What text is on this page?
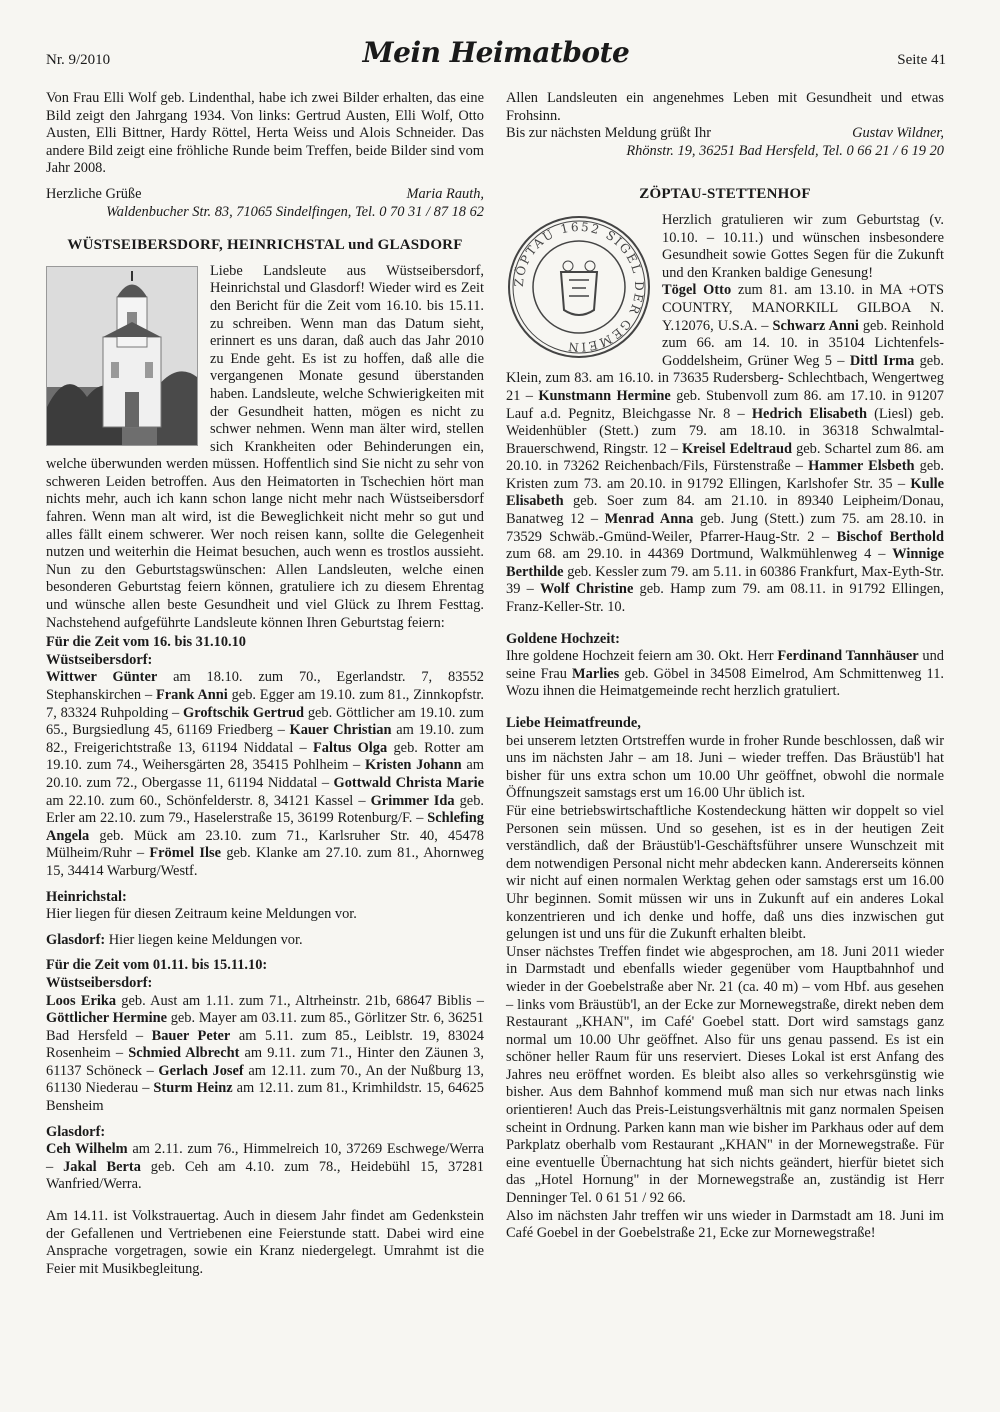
Nr. 9/2010	Mein Heimatbote	Seite 41

Von Frau Elli Wolf geb. Lindenthal, habe ich zwei Bilder erhalten, das eine Bild zeigt den Jahrgang 1934. Von links: Gertrud Austen, Elli Wolf, Otto Austen, Elli Bittner, Hardy Röttel, Herta Weiss und Alois Schneider. Das andere Bild zeigt eine fröhliche Runde beim Treffen, beide Bilder sind vom Jahr 2008.

Herzliche Grüße	Maria Rauth,
Waldenbucher Str. 83, 71065 Sindelfingen, Tel. 0 70 31 / 87 18 62
WÜSTSEIBERSDORF, HEINRICHSTAL und GLASDORF

Liebe Landsleute aus Wüstseibersdorf, Heinrichstal und Glasdorf! Wieder wird es Zeit den Bericht für die Zeit vom 16.10. bis 15.11. zu schreiben. Wenn man das Datum sieht, erinnert es uns daran, daß auch das Jahr 2010 zu Ende geht. Es ist zu hoffen, daß alle die vergangenen Monate gesund überstanden haben. Landsleute, welche Schwierigkeiten mit der Gesundheit hatten, mögen es nicht zu schwer nehmen. Wenn man älter wird, stellen sich Krankheiten oder Behinderungen ein, welche überwunden werden müssen. Hoffentlich sind Sie nicht zu sehr von schweren Leiden betroffen. Aus den Heimatorten in Tschechien hört man nichts mehr, auch ich kann schon lange nicht mehr nach Wüstseibersdorf fahren. Wenn man alt wird, ist die Beweglichkeit nicht mehr so gut und alles fällt einem schwerer. Wer noch reisen kann, sollte die Gelegenheit nutzen und weiterhin die Heimat besuchen, auch wenn es trostlos aussieht. Nun zu den Geburtstagswünschen: Allen Landsleuten, welche einen besonderen Geburtstag feiern können, gratuliere ich zu diesem Ehrentag und wünsche allen beste Gesundheit und viel Glück zu Ihrem Festtag. Nachstehend aufgeführte Landsleute können Ihren Geburtstag feiern:

Für die Zeit vom 16. bis 31.10.10
Wüstseibersdorf:

Wittwer Günter am 18.10. zum 70., Egerlandstr. 7, 83552 Stephanskirchen – Frank Anni geb. Egger am 19.10. zum 81., Zinnkopfstr. 7, 83324 Ruhpolding – Groftschik Gertrud geb. Göttlicher am 19.10. zum 65., Burgsiedlung 45, 61169 Friedberg – Kauer Christian am 19.10. zum 82., Freigerichtstraße 13, 61194 Niddatal – Faltus Olga geb. Rotter am 19.10. zum 74., Weihersgärten 28, 35415 Pohlheim – Kristen Johann am 20.10. zum 72., Obergasse 11, 61194 Niddatal – Gottwald Christa Marie am 22.10. zum 60., Schönfelderstr. 8, 34121 Kassel – Grimmer Ida geb. Erler am 22.10. zum 79., Haselerstraße 15, 36199 Rotenburg/F. – Schlefing Angela geb. Mück am 23.10. zum 71., Karlsruher Str. 40, 45478 Mülheim/Ruhr – Frömel Ilse geb. Klanke am 27.10. zum 81., Ahornweg 15, 34414 Warburg/Westf.

Heinrichstal:

Hier liegen für diesen Zeitraum keine Meldungen vor.

Glasdorf: Hier liegen keine Meldungen vor.

Für die Zeit vom 01.11. bis 15.11.10:
Wüstseibersdorf:

Loos Erika geb. Aust am 1.11. zum 71., Altrheinstr. 21b, 68647 Biblis – Göttlicher Hermine geb. Mayer am 03.11. zum 85., Görlitzer Str. 6, 36251 Bad Hersfeld – Bauer Peter am 5.11. zum 85., Leiblstr. 19, 83024 Rosenheim – Schmied Albrecht am 9.11. zum 71., Hinter den Zäunen 3, 61137 Schöneck – Gerlach Josef am 12.11. zum 70., An der Nußburg 13, 61130 Niederau – Sturm Heinz am 12.11. zum 81., Krimhildstr. 15, 64625 Bensheim

Glasdorf:

Ceh Wilhelm am 2.11. zum 76., Himmelreich 10, 37269 Eschwege/Werra – Jakal Berta geb. Ceh am 4.10. zum 78., Heidebühl 15, 37281 Wanfried/Werra.

Am 14.11. ist Volkstrauertag. Auch in diesem Jahr findet am Gedenkstein der Gefallenen und Vertriebenen eine Feierstunde statt. Dabei wird eine Ansprache vorgetragen, sowie ein Kranz niedergelegt. Umrahmt ist die Feier mit Musikbegleitung.

Allen Landsleuten ein angenehmes Leben mit Gesundheit und etwas Frohsinn.

Bis zur nächsten Meldung grüßt Ihr	Gustav Wildner,
Rhönstr. 19, 36251 Bad Hersfeld, Tel. 0 66 21 / 6 19 20
ZÖPTAU-STETTENHOF
ZÖPTAU 1652 SIGEL DER GEMEIN

Herzlich gratulieren wir zum Geburtstag (v. 10.10. – 10.11.) und wünschen insbesondere Gesundheit sowie Gottes Segen für die Zukunft und den Kranken baldige Genesung!

Tögel Otto zum 81. am 13.10. in MA +OTS COUNTRY, MANORKILL GILBOA N. Y.12076, U.S.A. – Schwarz Anni geb. Reinhold zum 66. am 14. 10. in 35104 Lichtenfels-Goddelsheim, Grüner Weg 5 – Dittl Irma geb. Klein, zum 83. am 16.10. in 73635 Rudersberg- Schlechtbach, Wengertweg 21 – Kunstmann Hermine geb. Stubenvoll zum 86. am 17.10. in 91207 Lauf a.d. Pegnitz, Bleichgasse Nr. 8 – Hedrich Elisabeth (Liesl) geb. Weidenhübler (Stett.) zum 79. am 18.10. in 36318 Schwalmtal-Brauerschwend, Ringstr. 12 – Kreisel Edeltraud geb. Schartel zum 86. am 20.10. in 73262 Reichenbach/Fils, Fürstenstraße – Hammer Elsbeth geb. Kristen zum 73. am 20.10. in 91792 Ellingen, Karlshofer Str. 35 – Kulle Elisabeth geb. Soer zum 84. am 21.10. in 89340 Leipheim/Donau, Banatweg 12 – Menrad Anna geb. Jung (Stett.) zum 75. am 28.10. in 73529 Schwäb.-Gmünd-Weiler, Pfarrer-Haug-Str. 2 – Bischof Berthold zum 68. am 29.10. in 44369 Dortmund, Walkmühlenweg 4 – Winnige Berthilde geb. Kessler zum 79. am 5.11. in 60386 Frankfurt, Max-Eyth-Str. 39 – Wolf Christine geb. Hamp zum 79. am 08.11. in 91792 Ellingen, Franz-Keller-Str. 10.

Goldene Hochzeit:

Ihre goldene Hochzeit feiern am 30. Okt. Herr Ferdinand Tannhäuser und seine Frau Marlies geb. Göbel in 34508 Eimelrod, Am Schmittenweg 11. Wozu ihnen die Heimatgemeinde recht herzlich gratuliert.

Liebe Heimatfreunde,

bei unserem letzten Ortstreffen wurde in froher Runde beschlossen, daß wir uns im nächsten Jahr – am 18. Juni – wieder treffen. Das Bräustüb'l hat bisher für uns extra schon um 10.00 Uhr geöffnet, obwohl die normale Öffnungszeit samstags erst um 16.00 Uhr üblich ist.

Für eine betriebswirtschaftliche Kostendeckung hätten wir doppelt so viel Personen sein müssen. Und so gesehen, ist es in der heutigen Zeit verständlich, daß der Bräustüb'l-Geschäftsführer unsere Wunschzeit mit dem notwendigen Personal nicht mehr abdecken kann. Andererseits können wir nicht auf einen normalen Werktag gehen oder samstags erst um 16.00 Uhr beginnen. Somit müssen wir uns in Zukunft auf ein anderes Lokal konzentrieren und ich denke und hoffe, daß uns dies inzwischen gut gelungen ist und uns für die Zukunft erhalten bleibt.

Unser nächstes Treffen findet wie abgesprochen, am 18. Juni 2011 wieder in Darmstadt und ebenfalls wieder gegenüber vom Hauptbahnhof und wieder in der Goebelstraße aber Nr. 21 (ca. 40 m) – vom Hbf. aus gesehen – links vom Bräustüb'l, an der Ecke zur Mornewegstraße, direkt neben dem Restaurant „KHAN", im Café' Goebel statt. Dort wird samstags ganz normal um 10.00 Uhr geöffnet. Also für uns genau passend. Es ist ein schöner heller Raum für uns reserviert. Dieses Lokal ist erst Anfang des Jahres neu eröffnet worden. Es bleibt also alles so verkehrsgünstig wie bisher. Aus dem Bahnhof kommend muß man sich nur etwas nach links orientieren! Auch das Preis-Leistungsverhältnis mit ganz normalen Speisen scheint in Ordnung. Parken kann man wie bisher im Parkhaus oder auf dem Parkplatz oberhalb vom Restaurant „KHAN" in der Mornewegstraße. Für eine eventuelle Übernachtung hat sich nichts geändert, hierfür bietet sich das „Hotel Hornung" in der Mornewegstraße an, zuständig ist Herr Denninger Tel. 0 61 51 / 92 66.

Also im nächsten Jahr treffen wir uns wieder in Darmstadt am 18. Juni im Café Goebel in der Goebelstraße 21, Ecke zur Mornewegstraße!
